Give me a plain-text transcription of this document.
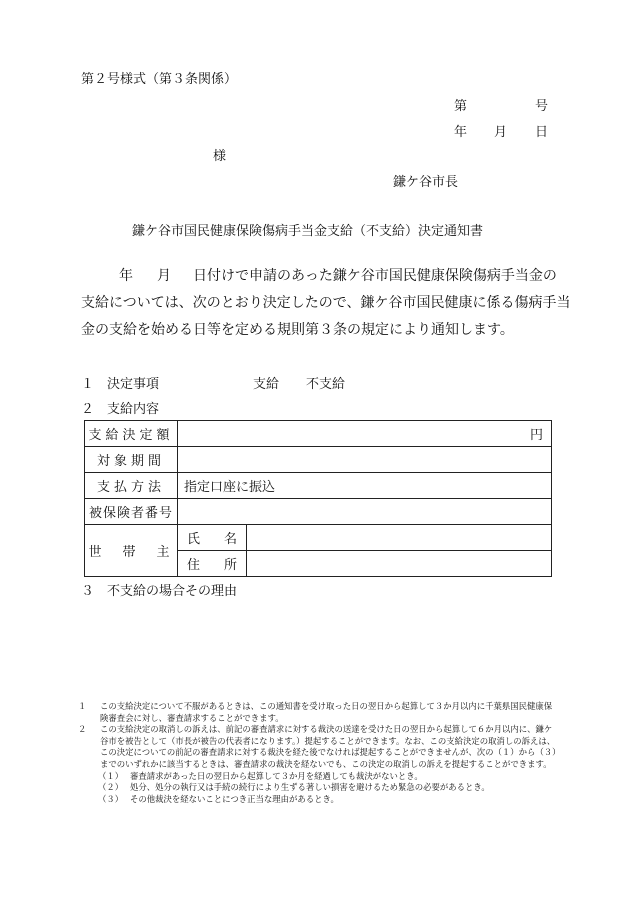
第２号様式（第３条関係）
第	号
年 月 日
様
鎌ケ谷市長
鎌ケ谷市国民健康保険傷病手当金支給（不支給）決定通知書
年 月 日付けで申請のあった鎌ケ谷市国民健康保険傷病手当金の
支給については、次のとおり決定したので、鎌ケ谷市国民健康に係る傷病手当
金の支給を始める日等を定める規則第３条の規定により通知します。
１　決定事項	支給 不支給
２　支給内容
支給決定額	円	
対象期間		
支払方法	指定口座に振込	
被保険者番号		
世　帯　主	氏 名	
	住 所	
３　不支給の場合その理由
１	この支給決定について不服があるときは、この通知書を受け取った日の翌日から起算して３か月以内に千葉県国民健康保険審査会に対し、審査請求することができます。
２	この支給決定の取消しの訴えは、前記の審査請求に対する裁決の送達を受けた日の翌日から起算して６か月以内に、鎌ケ谷市を被告として（市長が被告の代表者になります。）提起することができます。なお、この支給決定の取消しの訴えは、この決定についての前記の審査請求に対する裁決を経た後でなければ提起することができませんが、次の（１）から（３）までのいずれかに該当するときは、審査請求の裁決を経ないでも、この決定の取消しの訴えを提起することができます。
（１） 審査請求があった日の翌日から起算して３か月を経過しても裁決がないとき。
（２） 処分、処分の執行又は手続の続行により生ずる著しい損害を避けるため緊急の必要があるとき。
（３） その他裁決を経ないことにつき正当な理由があるとき。
